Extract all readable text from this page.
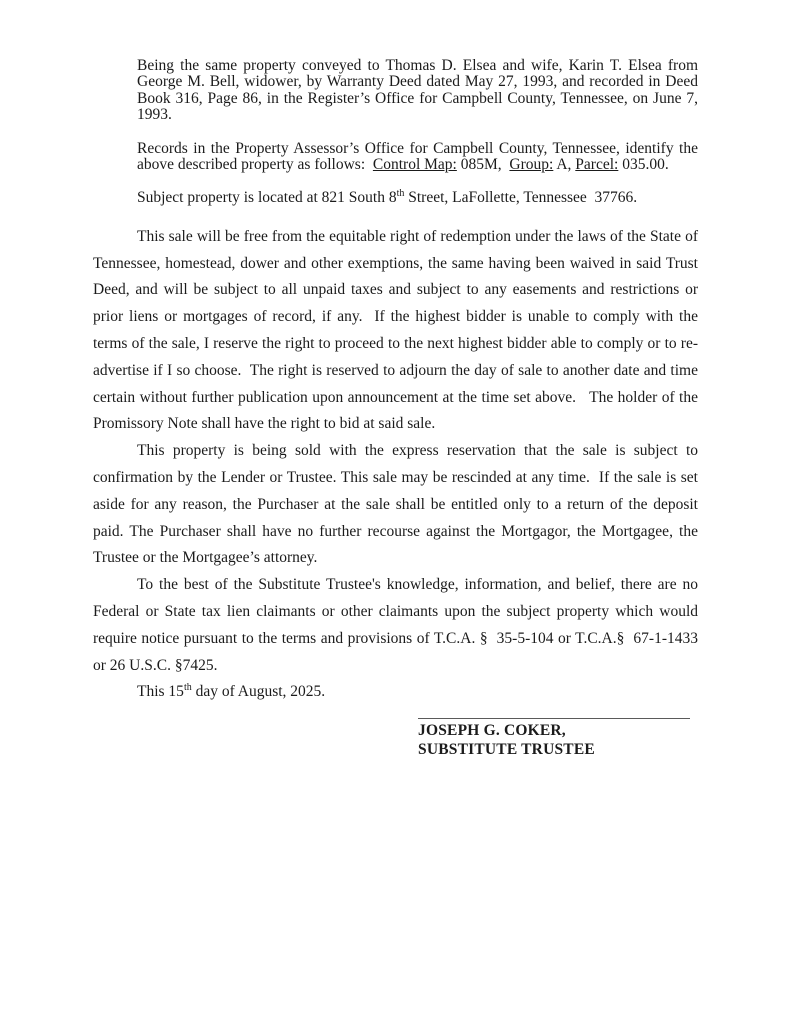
Being the same property conveyed to Thomas D. Elsea and wife, Karin T. Elsea from George M. Bell, widower, by Warranty Deed dated May 27, 1993, and recorded in Deed Book 316, Page 86, in the Register’s Office for Campbell County, Tennessee, on June 7, 1993.

Records in the Property Assessor’s Office for Campbell County, Tennessee, identify the above described property as follows:  Control Map: 085M,  Group: A, Parcel: 035.00.

Subject property is located at 821 South 8th Street, LaFollette, Tennessee  37766.

This sale will be free from the equitable right of redemption under the laws of the State of Tennessee, homestead, dower and other exemptions, the same having been waived in said Trust Deed, and will be subject to all unpaid taxes and subject to any easements and restrictions or prior liens or mortgages of record, if any.  If the highest bidder is unable to comply with the terms of the sale, I reserve the right to proceed to the next highest bidder able to comply or to re-advertise if I so choose.  The right is reserved to adjourn the day of sale to another date and time certain without further publication upon announcement at the time set above.   The holder of the Promissory Note shall have the right to bid at said sale.

This property is being sold with the express reservation that the sale is subject to confirmation by the Lender or Trustee. This sale may be rescinded at any time.  If the sale is set aside for any reason, the Purchaser at the sale shall be entitled only to a return of the deposit paid. The Purchaser shall have no further recourse against the Mortgagor, the Mortgagee, the Trustee or the Mortgagee’s attorney.

To the best of the Substitute Trustee's knowledge, information, and belief, there are no Federal or State tax lien claimants or other claimants upon the subject property which would require notice pursuant to the terms and provisions of T.C.A. §  35-5-104 or T.C.A.§  67-1-1433 or 26 U.S.C. §7425.

This 15th day of August, 2025.

JOSEPH G. COKER,
SUBSTITUTE TRUSTEE
